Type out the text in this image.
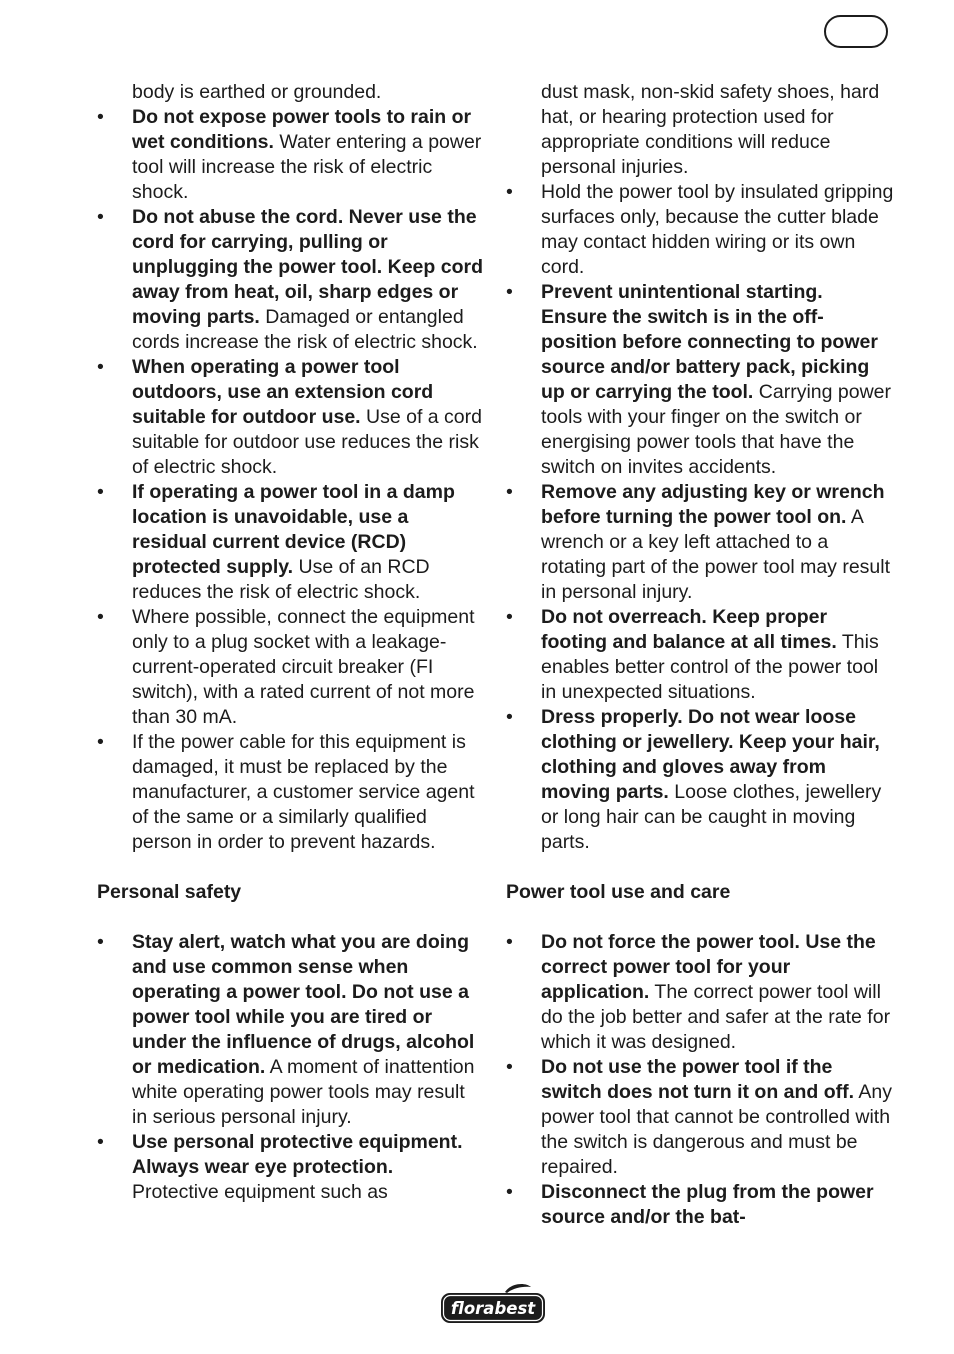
body is earthed or grounded.
• Do not expose power tools to rain or wet conditions. Water entering a power tool will increase the risk of electric shock.
• Do not abuse the cord. Never use the cord for carrying, pulling or unplugging the power tool. Keep cord away from heat, oil, sharp edges or moving parts. Damaged or entangled cords increase the risk of electric shock.
• When operating a power tool outdoors, use an extension cord suitable for outdoor use. Use of a cord suitable for outdoor use reduces the risk of electric shock.
• If operating a power tool in a damp location is unavoidable, use a residual current device (RCD) protected supply. Use of an RCD reduces the risk of electric shock.
• Where possible, connect the equipment only to a plug socket with a leakage-current-operated circuit breaker (FI switch), with a rated current of not more than 30 mA.
• If the power cable for this equipment is damaged, it must be replaced by the manufacturer, a customer service agent of the same or a similarly qualified person in order to prevent hazards.
Personal safety
• Stay alert, watch what you are doing and use common sense when operating a power tool. Do not use a power tool while you are tired or under the influence of drugs, alcohol or medication. A moment of inattention white operating power tools may result in serious personal injury.
• Use personal protective equipment. Always wear eye protection. Protective equipment such as
dust mask, non-skid safety shoes, hard hat, or hearing protection used for appropriate conditions will reduce personal injuries.
• Hold the power tool by insulated gripping surfaces only, because the cutter blade may contact hidden wiring or its own cord.
• Prevent unintentional starting. Ensure the switch is in the off-position before connecting to power source and/or battery pack, picking up or carrying the tool. Carrying power tools with your finger on the switch or energising power tools that have the switch on invites accidents.
• Remove any adjusting key or wrench before turning the power tool on. A wrench or a key left attached to a rotating part of the power tool may result in personal injury.
• Do not overreach. Keep proper footing and balance at all times. This enables better control of the power tool in unexpected situations.
• Dress properly. Do not wear loose clothing or jewellery. Keep your hair, clothing and gloves away from moving parts. Loose clothes, jewellery or long hair can be caught in moving parts.
Power tool use and care
• Do not force the power tool. Use the correct power tool for your application. The correct power tool will do the job better and safer at the rate for which it was designed.
• Do not use the power tool if the switch does not turn it on and off. Any power tool that cannot be controlled with the switch is dangerous and must be repaired.
• Disconnect the plug from the power source and/or the bat-
florabest
